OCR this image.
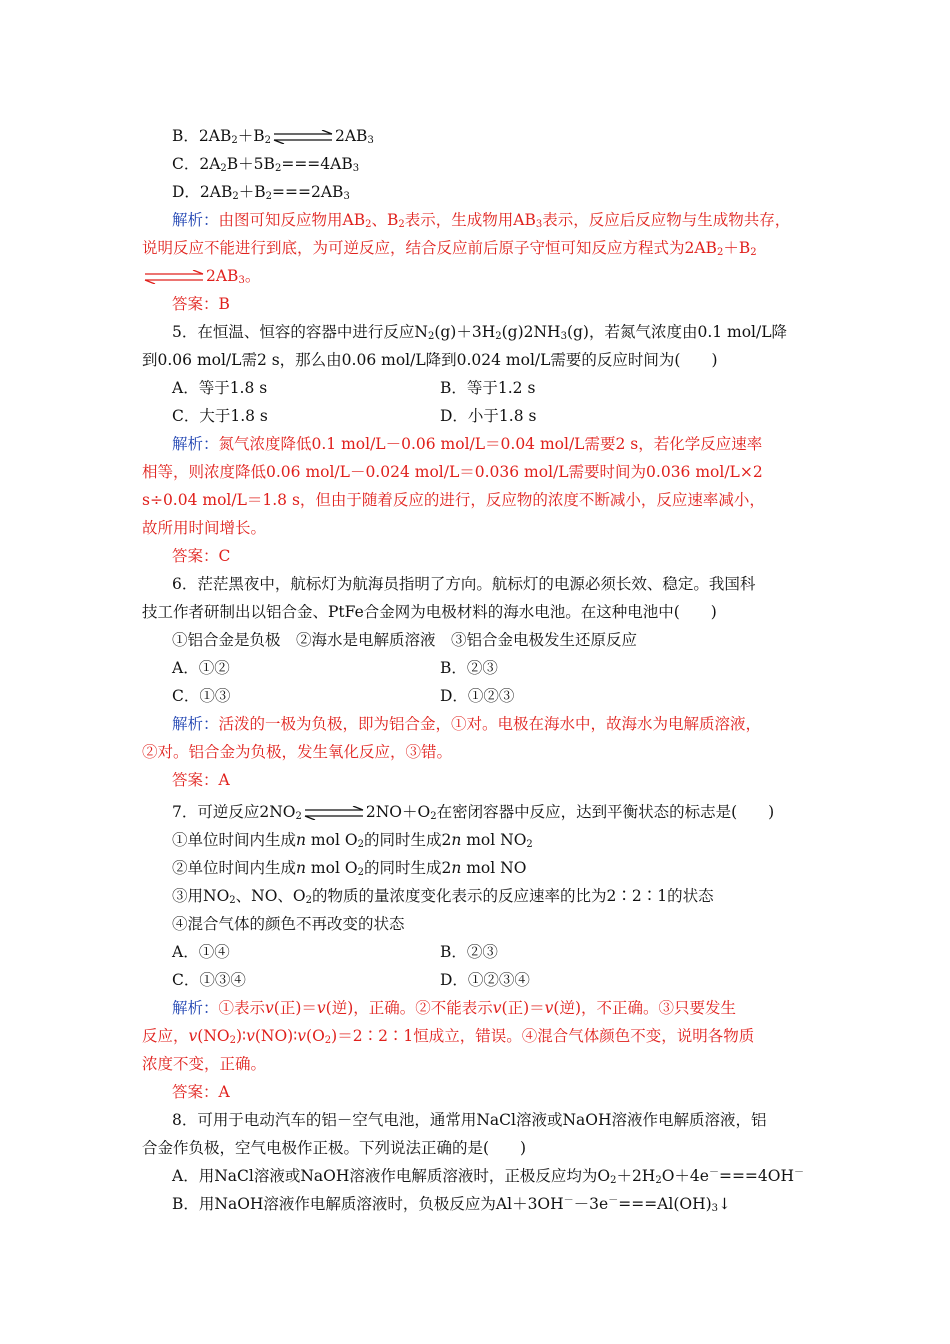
B．$2AB_2+B_2\rightleftharpoons 2AB_3$
C．$2A_2B+5B_2===4AB_3$
D．$2AB_2+B_2===2AB_3$
解析：由图可知反应物用$AB_2$、$B_2$表示，生成物用$AB_3$表示，反应后反应物与生成物共存，
说明反应不能进行到底，为可逆反应，结合反应前后原子守恒可知反应方程式为$2AB_2+B_2$
$\rightleftharpoons 2AB_3$。
答案：B
5．在恒温、恒容的容器中进行反应$N_2(g)+3H_2(g)2NH_3(g)$，若氮气浓度由0.1 mol/L降
到0.06 mol/L需2 s，那么由0.06 mol/L降到0.024 mol/L需要的反应时间为(　　)
A．等于1.8 s	B．等于1.2 s
C．大于1.8 s	D．小于1.8 s
解析：氮气浓度降低0.1 mol/L－0.06 mol/L＝0.04 mol/L需要2 s，若化学反应速率
相等，则浓度降低0.06 mol/L－0.024 mol/L＝0.036 mol/L需要时间为0.036 mol/L×2
s÷0.04 mol/L＝1.8 s，但由于随着反应的进行，反应物的浓度不断减小，反应速率减小，
故所用时间增长。
答案：C
6．茫茫黑夜中，航标灯为航海员指明了方向。航标灯的电源必须长效、稳定。我国科
技工作者研制出以铝合金、PtFe合金网为电极材料的海水电池。在这种电池中(　　)
①铝合金是负极　②海水是电解质溶液　③铝合金电极发生还原反应
A．①②	B．②③
C．①③	D．①②③
解析：活泼的一极为负极，即为铝合金，①对。电极在海水中，故海水为电解质溶液，
②对。铝合金为负极，发生氧化反应，③错。
答案：A
7．可逆反应$2NO_2\rightleftharpoons 2NO+O_2$在密闭容器中反应，达到平衡状态的标志是(　　)
①单位时间内生成n mol $O_2$的同时生成2n mol $NO_2$
②单位时间内生成n mol $O_2$的同时生成2n mol NO
③用$NO_2$、NO、$O_2$的物质的量浓度变化表示的反应速率的比为2∶2∶1的状态
④混合气体的颜色不再改变的状态
A．①④	B．②③
C．①③④	D．①②③④
解析：①表示v(正)＝v(逆)，正确。②不能表示v(正)＝v(逆)，不正确。③只要发生
反应，$v(NO_2)∶v(NO)∶v(O_2)=2∶2∶1$恒成立，错误。④混合气体颜色不变，说明各物质
浓度不变，正确。
答案：A
8．可用于电动汽车的铝－空气电池，通常用NaCl溶液或NaOH溶液作电解质溶液，铝
合金作负极，空气电极作正极。下列说法正确的是(　　)
A．用NaCl溶液或NaOH溶液作电解质溶液时，正极反应均为$O_2+2H_2O+4e^-===4OH^-$
B．用NaOH溶液作电解质溶液时，负极反应为$Al+3OH^--3e^-===Al(OH)_3↓$
